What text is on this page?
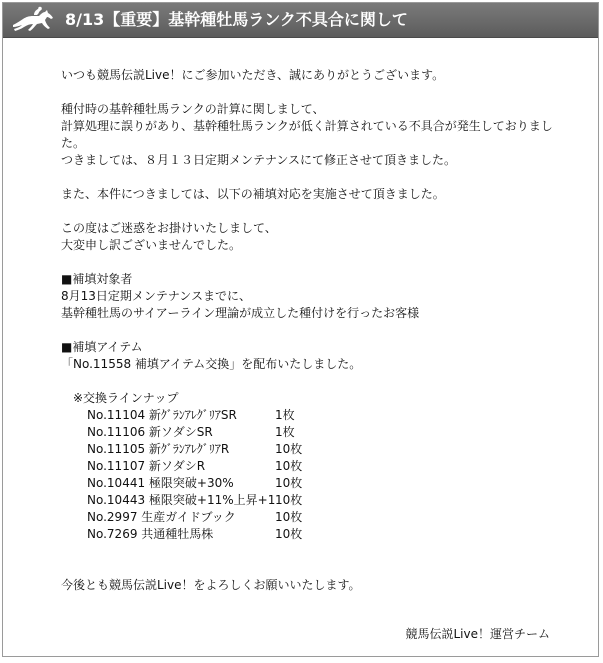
8/13【重要】基幹種牡馬ランク不具合に関して
いつも競馬伝説Live！にご参加いただき、誠にありがとうございます。
種付時の基幹種牡馬ランクの計算に関しまして、
計算処理に誤りがあり、基幹種牡馬ランクが低く計算されている不具合が発生しておりました。
つきましては、８月１３日定期メンテナンスにて修正させて頂きました。
また、本件につきましては、以下の補填対応を実施させて頂きました。
この度はご迷惑をお掛けいたしまして、
大変申し訳ございませんでした。
■補填対象者
8月13日定期メンテナンスまでに、
基幹種牡馬のサイアーライン理論が成立した種付けを行ったお客様
■補填アイテム
「No.11558 補填アイテム交換」を配布いたしました。
※交換ラインナップ
No.11104 新ｸﾞﾗﾝｱﾚｸﾞﾘｱSR	1枚
No.11106 新ソダシSR	1枚
No.11105 新ｸﾞﾗﾝｱﾚｸﾞﾘｱR	10枚
No.11107 新ソダシR	10枚
No.10441 極限突破+30%	10枚
No.10443 極限突破+11%上昇+1 10枚
No.2997 生産ガイドブック	10枚
No.7269 共通種牡馬株	10枚
今後とも競馬伝説Live！をよろしくお願いいたします。
競馬伝説Live！運営チーム
